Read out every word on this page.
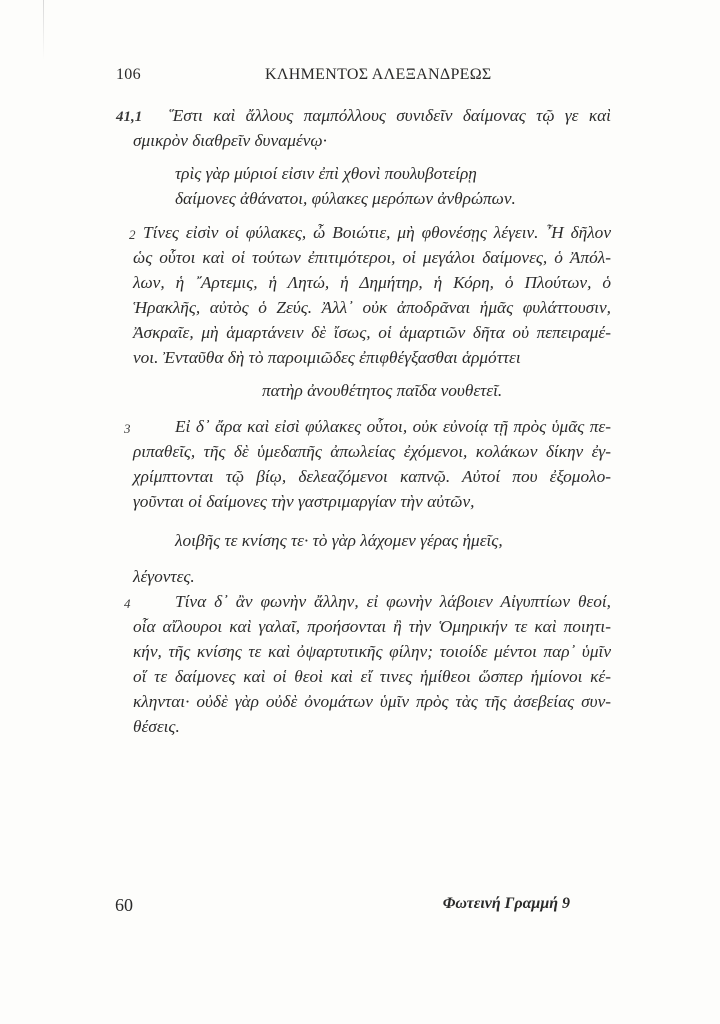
106	ΚΛΗΜΕΝΤΟΣ ΑΛΕΞΑΝΔΡΕΩΣ
41,1 ῞Εστι καὶ ἄλλους παμπόλλους συνιδεῖν δαίμονας τῷ γε καὶ
σμικρὸν διαθρεῖν δυναμένῳ·
τρὶς γὰρ μύριοί εἰσιν ἐπὶ χθονὶ πουλυβοτείρῃ
δαίμονες ἀθάνατοι, φύλακες μερόπων ἀνθρώπων.
2 Τίνες εἰσὶν οἱ φύλακες, ὦ Βοιώτιε, μὴ φθονέσῃς λέγειν. ῏Η δῆλον
ὡς οὗτοι καὶ οἱ τούτων ἐπιτιμότεροι, οἱ μεγάλοι δαίμονες, ὁ Ἀπόλ-
λων, ἡ ῎Αρτεμις, ἡ Λητώ, ἡ Δημήτηρ, ἡ Κόρη, ὁ Πλούτων, ὁ
Ἡρακλῆς, αὐτὸς ὁ Ζεύς. Ἀλλ᾽ οὐκ ἀποδρᾶναι ἡμᾶς φυλάττουσιν,
Ἀσκραῖε, μὴ ἁμαρτάνειν δὲ ἴσως, οἱ ἁμαρτιῶν δῆτα οὐ πεπειραμέ-
νοι. Ἐνταῦθα δὴ τὸ παροιμιῶδες ἐπιφθέγξασθαι ἁρμόττει
πατὴρ ἀνουθέτητος παῖδα νουθετεῖ.
3	Εἰ δ᾽ ἄρα καὶ εἰσὶ φύλακες οὗτοι, οὐκ εὐνοίᾳ τῇ πρὸς ὑμᾶς πε-
ριπαθεῖς, τῆς δὲ ὑμεδαπῆς ἀπωλείας ἐχόμενοι, κολάκων δίκην ἐγ-
χρίμπτονται τῷ βίῳ, δελεαζόμενοι καπνῷ. Αὐτοί που ἐξομολο-
γοῦνται οἱ δαίμονες τὴν γαστριμαργίαν τὴν αὐτῶν,
λοιβῆς τε κνίσης τε· τὸ γὰρ λάχομεν γέρας ἡμεῖς,
λέγοντες.
4	Τίνα δ᾽ ἂν φωνὴν ἄλλην, εἰ φωνὴν λάβοιεν Αἰγυπτίων θεοί,
οἷα αἴλουροι καὶ γαλαῖ, προήσονται ἢ τὴν Ὁμηρικήν τε καὶ ποιητι-
κήν, τῆς κνίσης τε καὶ ὀψαρτυτικῆς φίλην; τοιοίδε μέντοι παρ᾽ ὑμῖν
οἵ τε δαίμονες καὶ οἱ θεοὶ καὶ εἴ τινες ἡμίθεοι ὥσπερ ἡμίονοι κέ-
κληνται· οὐδὲ γὰρ οὐδὲ ὀνομάτων ὑμῖν πρὸς τὰς τῆς ἀσεβείας συν-
θέσεις.
60	Φωτεινή Γραμμή 9
